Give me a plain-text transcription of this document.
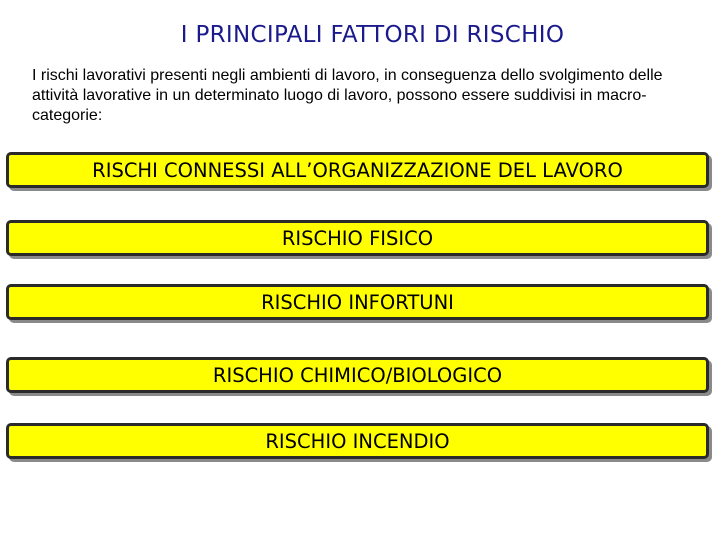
I PRINCIPALI FATTORI DI RISCHIO
I rischi lavorativi presenti negli ambienti di lavoro, in conseguenza dello svolgimento delle attività lavorative in un determinato luogo di lavoro, possono essere suddivisi in macro-categorie:
RISCHI CONNESSI ALL’ORGANIZZAZIONE DEL LAVORO
RISCHIO FISICO
RISCHIO INFORTUNI
RISCHIO CHIMICO/BIOLOGICO
RISCHIO INCENDIO
